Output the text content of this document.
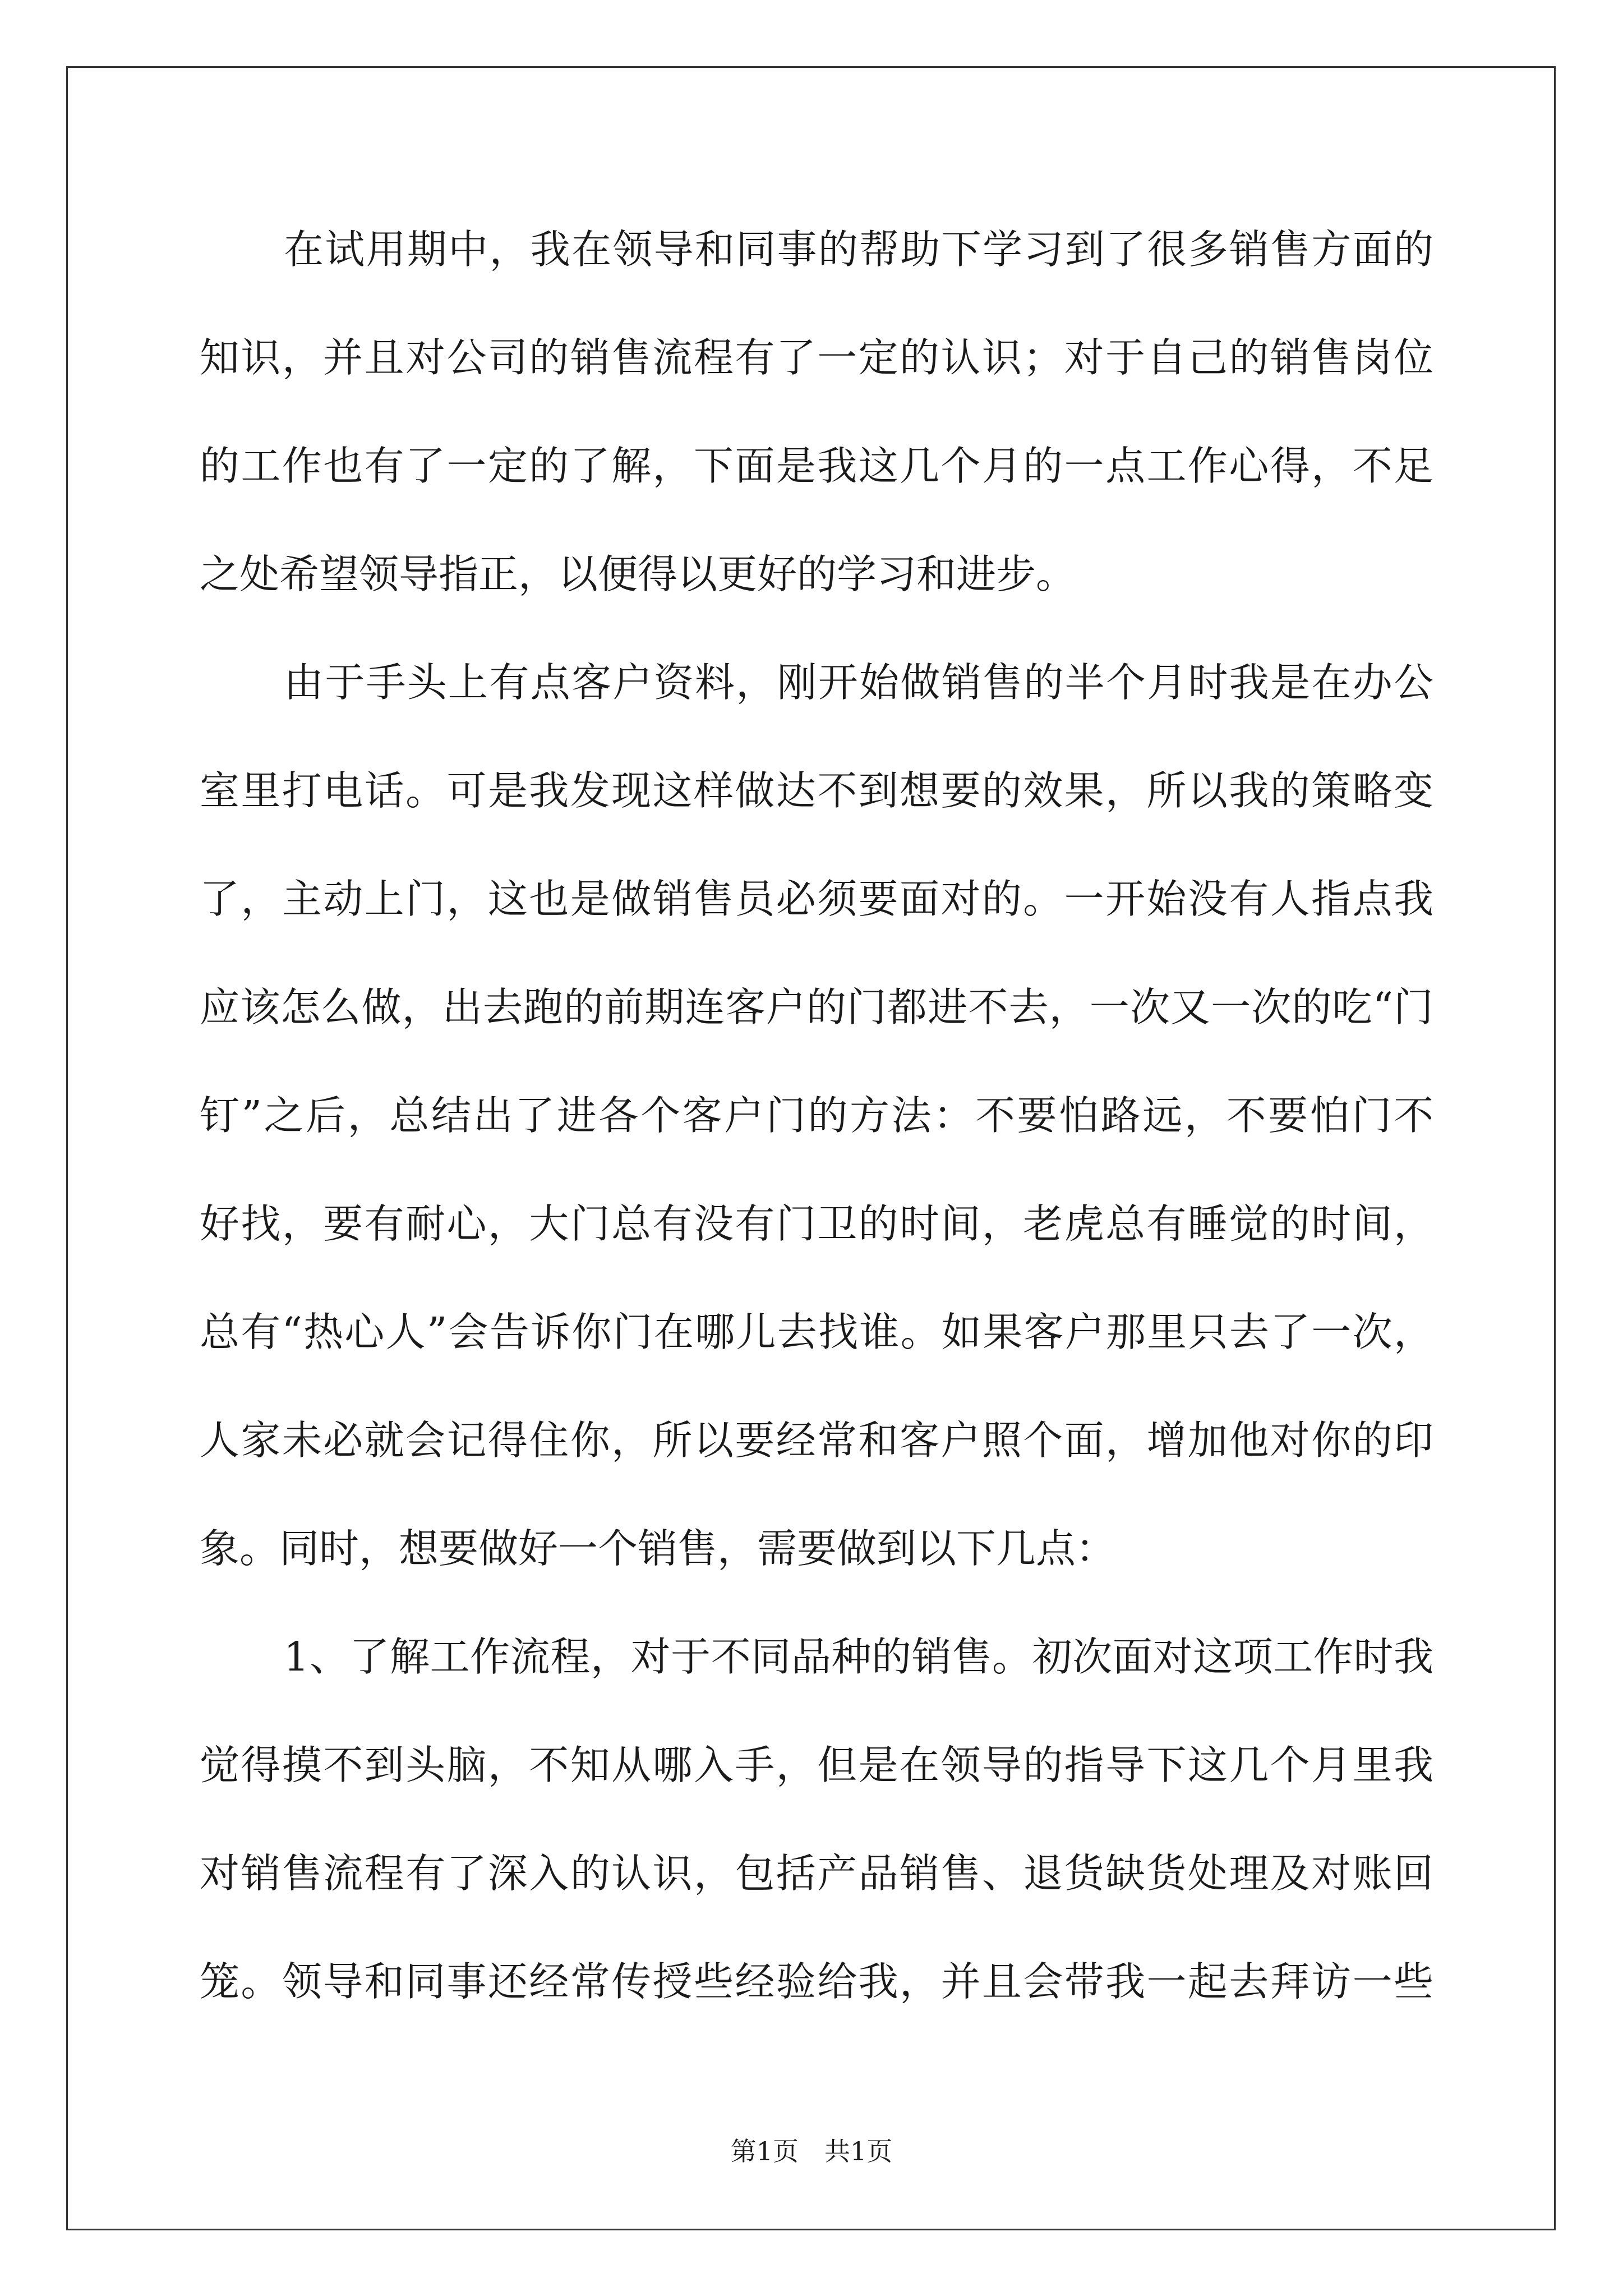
在试用期中，我在领导和同事的帮助下学习到了很多销售方面的
知识，并且对公司的销售流程有了一定的认识；对于自己的销售岗位
的工作也有了一定的了解，下面是我这几个月的一点工作心得，不足
之处希望领导指正，以便得以更好的学习和进步。
由于手头上有点客户资料，刚开始做销售的半个月时我是在办公
室里打电话。可是我发现这样做达不到想要的效果，所以我的策略变
了，主动上门，这也是做销售员必须要面对的。一开始没有人指点我
应该怎么做，出去跑的前期连客户的门都进不去，一次又一次的吃“门
钉”之后，总结出了进各个客户门的方法：不要怕路远，不要怕门不
好找，要有耐心，大门总有没有门卫的时间，老虎总有睡觉的时间，
总有“热心人”会告诉你门在哪儿去找谁。如果客户那里只去了一次，
人家未必就会记得住你，所以要经常和客户照个面，增加他对你的印
象。同时，想要做好一个销售，需要做到以下几点：
1、了解工作流程，对于不同品种的销售。初次面对这项工作时我
觉得摸不到头脑，不知从哪入手，但是在领导的指导下这几个月里我
对销售流程有了深入的认识，包括产品销售、退货缺货处理及对账回
笼。领导和同事还经常传授些经验给我，并且会带我一起去拜访一些
第1页　共1页
